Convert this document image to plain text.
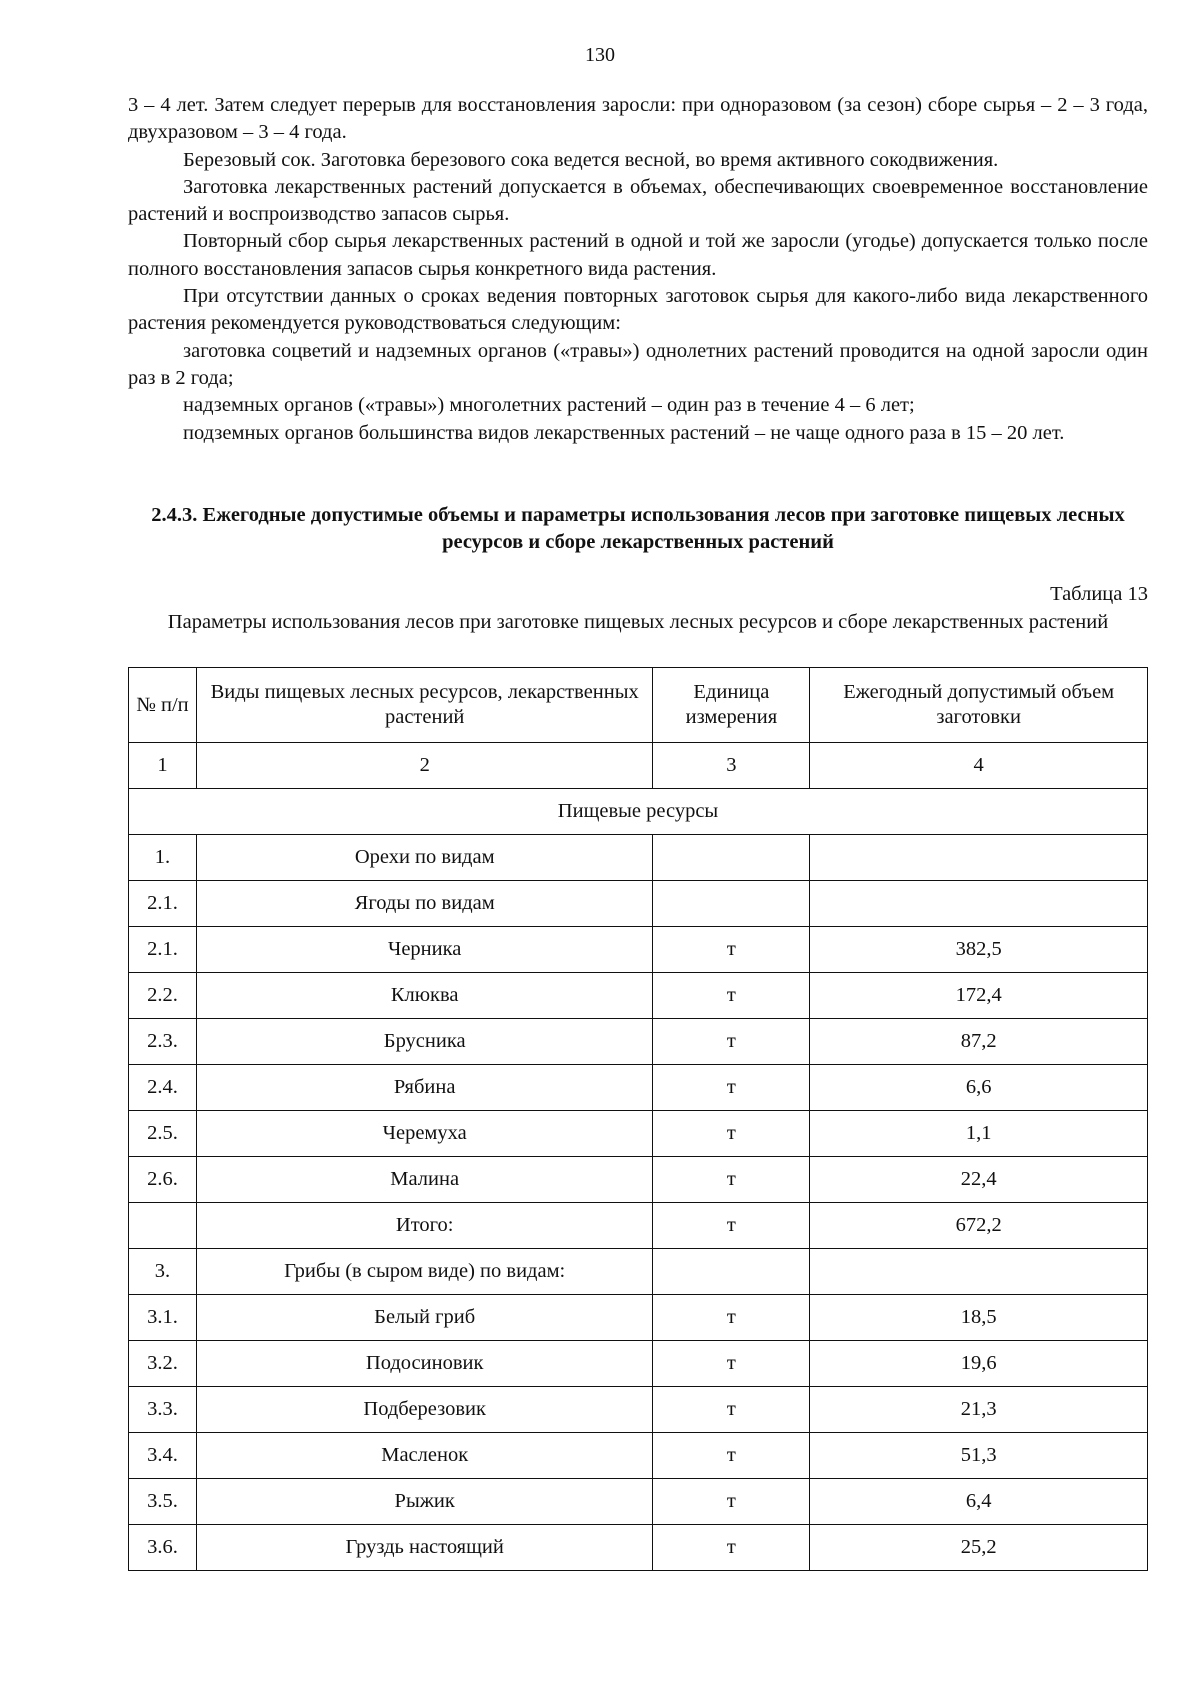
130

3 – 4 лет. Затем следует перерыв для восстановления заросли: при одноразовом (за сезон) сборе сырья – 2 – 3 года, двухразовом – 3 – 4 года.

Березовый сок. Заготовка березового сока ведется весной, во время активного сокодвижения.

Заготовка лекарственных растений допускается в объемах, обеспечивающих своевременное восстановление растений и воспроизводство запасов сырья.

Повторный сбор сырья лекарственных растений в одной и той же заросли (угодье) допускается только после полного восстановления запасов сырья конкретного вида растения.

При отсутствии данных о сроках ведения повторных заготовок сырья для какого-либо вида лекарственного растения рекомендуется руководствоваться следующим:

заготовка соцветий и надземных органов («травы») однолетних растений проводится на одной заросли один раз в 2 года;

надземных органов («травы») многолетних растений – один раз в течение 4 – 6 лет;

подземных органов большинства видов лекарственных растений – не чаще одного раза в 15 – 20 лет.

2.4.3. Ежегодные допустимые объемы и параметры использования лесов при заготовке пищевых лесных ресурсов и сборе лекарственных растений
Таблица 13
Параметры использования лесов при заготовке пищевых лесных ресурсов и сборе лекарственных растений
№ п/п	Виды пищевых лесных ресурсов, лекарственных растений	Единица измерения	Ежегодный допустимый объем заготовки
1	2	3	4
Пищевые ресурсы			
1.	Орехи по видам		
2.1.	Ягоды по видам		
2.1.	Черника	т	382,5
2.2.	Клюква	т	172,4
2.3.	Брусника	т	87,2
2.4.	Рябина	т	6,6
2.5.	Черемуха	т	1,1
2.6.	Малина	т	22,4
	Итого:	т	672,2
3.	Грибы (в сыром виде) по видам:		
3.1.	Белый гриб	т	18,5
3.2.	Подосиновик	т	19,6
3.3.	Подберезовик	т	21,3
3.4.	Масленок	т	51,3
3.5.	Рыжик	т	6,4
3.6.	Груздь настоящий	т	25,2
